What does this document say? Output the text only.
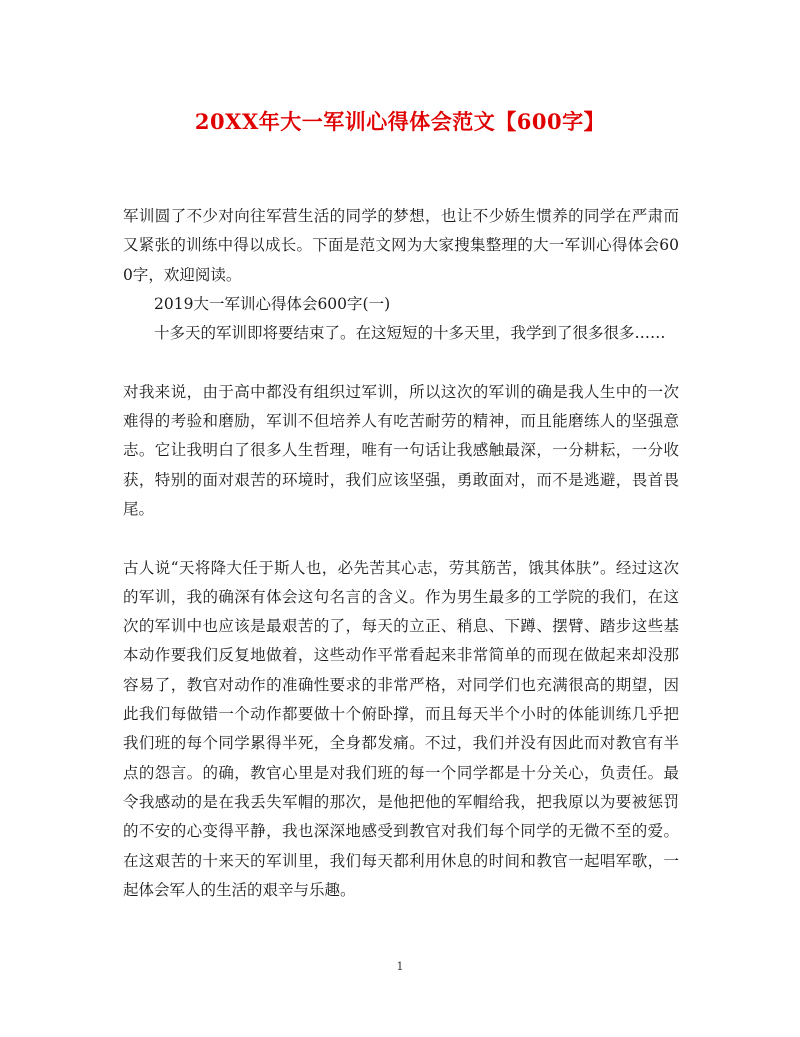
20XX年大一军训心得体会范文【600字】

军训圆了不少对向往军营生活的同学的梦想，也让不少娇生惯养的同学在严肃而又紧张的训练中得以成长。下面是范文网为大家搜集整理的大一军训心得体会600字，欢迎阅读。

2019大一军训心得体会600字(一)

十多天的军训即将要结束了。在这短短的十多天里，我学到了很多很多……

对我来说，由于高中都没有组织过军训，所以这次的军训的确是我人生中的一次难得的考验和磨励，军训不但培养人有吃苦耐劳的精神，而且能磨练人的坚强意志。它让我明白了很多人生哲理，唯有一句话让我感触最深，一分耕耘，一分收获，特别的面对艰苦的环境时，我们应该坚强，勇敢面对，而不是逃避，畏首畏尾。

古人说“天将降大任于斯人也，必先苦其心志，劳其筋苦，饿其体肤”。经过这次的军训，我的确深有体会这句名言的含义。作为男生最多的工学院的我们，在这次的军训中也应该是最艰苦的了，每天的立正、稍息、下蹲、摆臂、踏步这些基本动作要我们反复地做着，这些动作平常看起来非常简单的而现在做起来却没那容易了，教官对动作的准确性要求的非常严格，对同学们也充满很高的期望，因此我们每做错一个动作都要做十个俯卧撑，而且每天半个小时的体能训练几乎把我们班的每个同学累得半死，全身都发痛。不过，我们并没有因此而对教官有半点的怨言。的确，教官心里是对我们班的每一个同学都是十分关心，负责任。最令我感动的是在我丢失军帽的那次，是他把他的军帽给我，把我原以为要被惩罚的不安的心变得平静，我也深深地感受到教官对我们每个同学的无微不至的爱。在这艰苦的十来天的军训里，我们每天都利用休息的时间和教官一起唱军歌，一起体会军人的生活的艰辛与乐趣。

1
